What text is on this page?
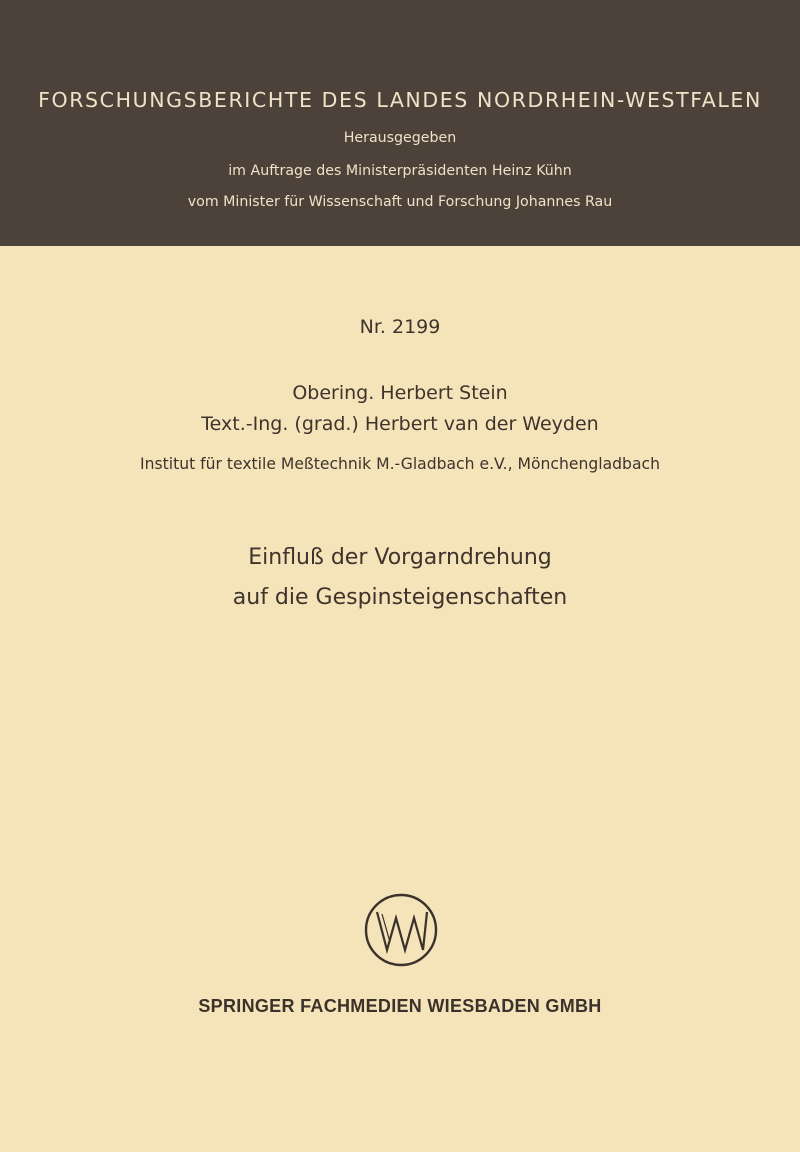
FORSCHUNGSBERICHTE DES LANDES NORDRHEIN-WESTFALEN
Herausgegeben
im Auftrage des Ministerpräsidenten Heinz Kühn
vom Minister für Wissenschaft und Forschung Johannes Rau
Nr. 2199
Obering. Herbert Stein
Text.-Ing. (grad.) Herbert van der Weyden
Institut für textile Meßtechnik M.-Gladbach e.V., Mönchengladbach
Einfluß der Vorgarndrehung
auf die Gespinsteigenschaften
SPRINGER FACHMEDIEN WIESBADEN GMBH
